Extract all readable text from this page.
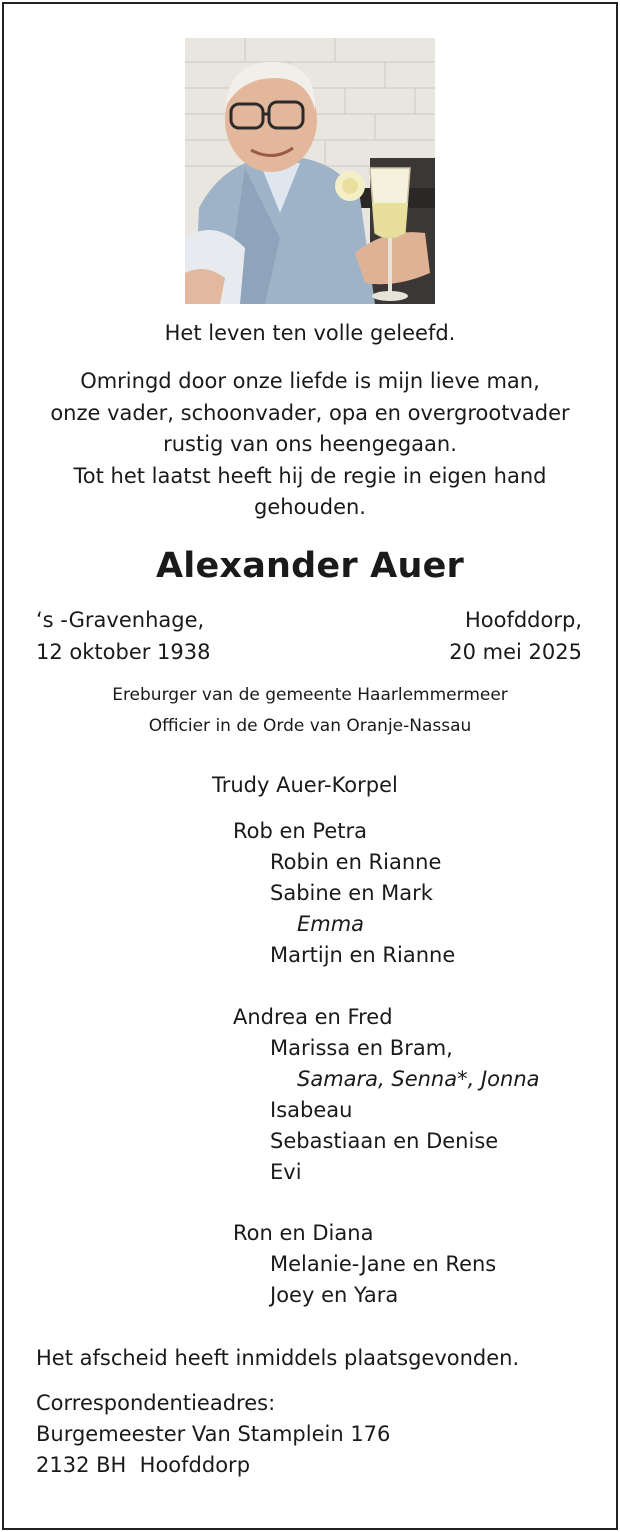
Het leven ten volle geleefd.
Omringd door onze liefde is mijn lieve man,
onze vader, schoonvader, opa en overgrootvader
rustig van ons heengegaan.
Tot het laatst heeft hij de regie in eigen hand
gehouden.
Alexander Auer
‘s -Gravenhage,
12 oktober 1938
Hoofddorp,
20 mei 2025
Ereburger van de gemeente Haarlemmermeer
Officier in de Orde van Oranje-Nassau
Trudy Auer-Korpel
Rob en Petra
Robin en Rianne
Sabine en Mark
Emma
Martijn en Rianne
Andrea en Fred
Marissa en Bram,
Samara, Senna*, Jonna
Isabeau
Sebastiaan en Denise
Evi
Ron en Diana
Melanie-Jane en Rens
Joey en Yara
Het afscheid heeft inmiddels plaatsgevonden.
Correspondentieadres:
Burgemeester Van Stamplein 176
2132 BH  Hoofddorp
